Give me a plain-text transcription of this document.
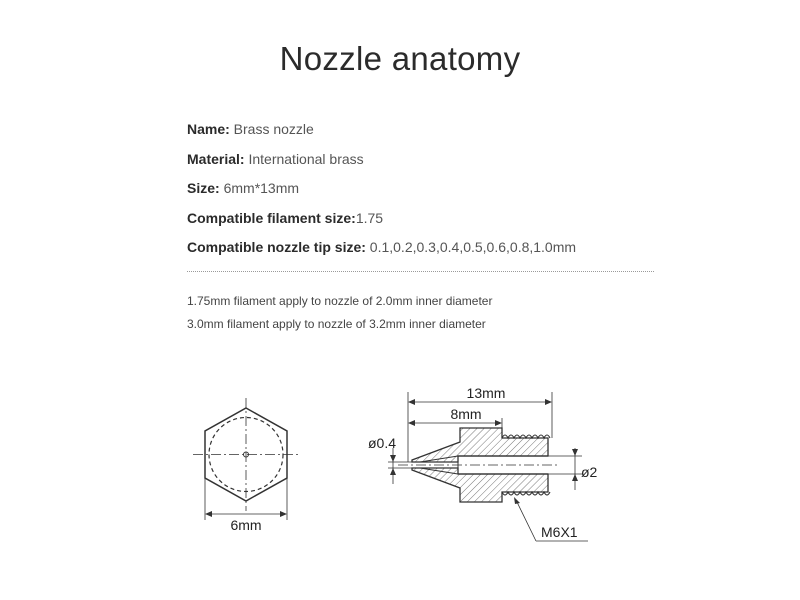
Nozzle anatomy
Name: Brass nozzle
Material: International brass
Size: 6mm*13mm
Compatible filament size:1.75
Compatible nozzle tip size: 0.1,0.2,0.3,0.4,0.5,0.6,0.8,1.0mm
1.75mm filament apply to nozzle of 2.0mm inner diameter
3.0mm filament apply to nozzle of 3.2mm inner diameter
6mm
13mm
8mm
ø0.4
ø2
M6X1
